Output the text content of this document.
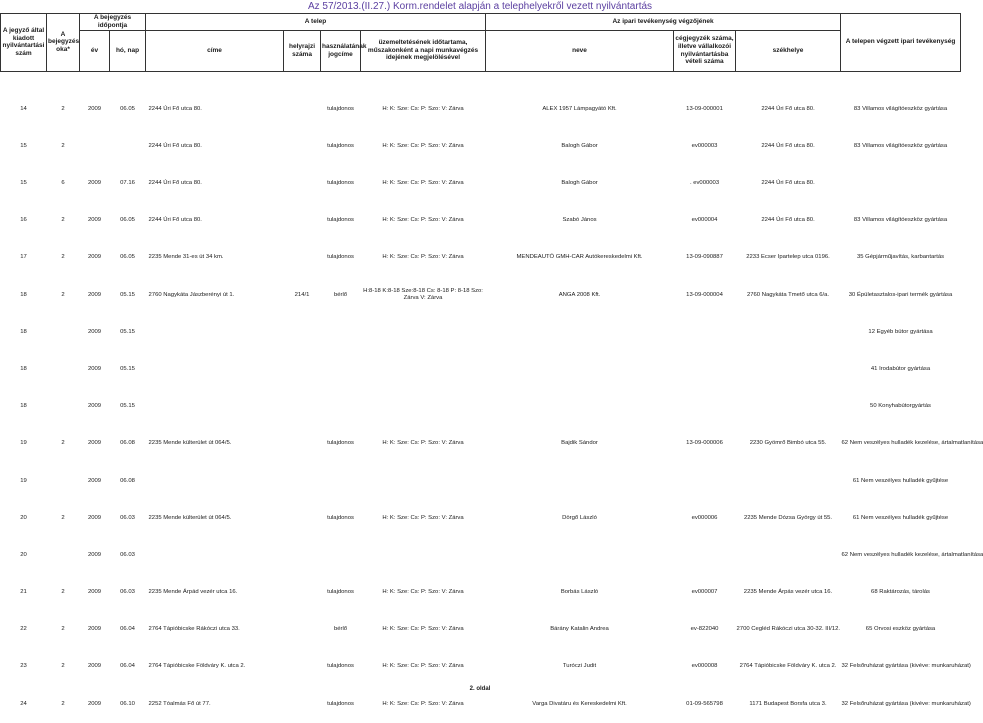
Az 57/2013.(II.27.) Korm.rendelet alapján a telephelyekről vezett nyilvántartás
A jegyző által kiadott nyilvántartási szám	A bejegyzés oka*	A bejegyzés időpontja		A telep				Az ipari tevékenység végzőjének			A telepen végzett ipari tevékenység
		év	hó, nap	címe	helyrajzi száma	használatának jogcíme	üzemeltetésének időtartama, műszakonként a napi munkavégzés idejének megjelölésével	neve	cégjegyzék száma, illetve vállalkozói nyilvántartásba vételi száma	székhelye	

14	2	2009	06.05	2244 Úri Fő utca 80.		tulajdonos	H: K: Sze: Cs: P: Szo: V: Zárva	ALEX 1957 Lámpagyátó Kft.	13-09-000001	2244 Úri Fő utca 80.	83 Villamos világítóeszköz gyártása
15	2			2244 Úri Fő utca 80.		tulajdonos	H: K: Sze: Cs: P: Szo: V: Zárva	Balogh Gábor	ev000003	2244 Úri Fő utca 80.	83 Villamos világítóeszköz gyártása
15	6	2009	07.16	2244 Úri Fő utca 80.		tulajdonos	H: K: Sze: Cs: P: Szo: V: Zárva	Balogh Gábor	. ev000003	2244 Úri Fő utca 80.	
16	2	2009	06.05	2244 Úri Fő utca 80.		tulajdonos	H: K: Sze: Cs: P: Szo: V: Zárva	Szabó János	ev000004	2244 Úri Fő utca 80.	83 Villamos világítóeszköz gyártása
17	2	2009	06.05	2235 Mende 31-es út 34 km.		tulajdonos	H: K: Sze: Cs: P: Szo: V: Zárva	MENDEAUTÓ GMH-CAR Autókereskedelmi Kft.	13-09-090887	2233 Ecser Ipartelep utca 0196.	35 Gépjárműjavítás, karbantartás
18	2	2009	05.15	2760 Nagykáta Jászberényi út 1.	214/1	bérlő	H:8-18 K:8-18 Sze:8-18 Cs: 8-18 P: 8-18 Szo: Zárva V: Zárva	ANGA 2008 Kft.	13-09-000004	2760 Nagykáta Tmető utca 6/a.	30 Épületasztalos-ipari termék gyártása
18		2009	05.15								12 Egyéb bútor gyártása
18		2009	05.15								41 Irodabútor gyártása
18		2009	05.15								50 Konyhabútorgyártás
19	2	2009	06.08	2235 Mende külterület út 064/5.		tulajdonos	H: K: Sze: Cs: P: Szo: V: Zárva	Bajdik Sándor	13-09-000006	2230 Gyömrő Bimbó utca 55.	62 Nem veszélyes hulladék kezelése, ártalmatlanítása
19		2009	06.08								61 Nem veszélyes hulladék gyűjtése
20	2	2009	06.03	2235 Mende külterület út 064/5.		tulajdonos	H: K: Sze: Cs: P: Szo: V: Zárva	Dörgő László	ev000006	2235 Mende Dózsa György út 55.	61 Nem veszélyes hulladék gyűjtése
20		2009	06.03								62 Nem veszélyes hulladék kezelése, ártalmatlanítása
21	2	2009	06.03	2235 Mende Árpád vezér utca 16.		tulajdonos	H: K: Sze: Cs: P: Szo: V: Zárva	Borbás László	ev000007	2235 Mende Árpás vezér utca 16.	68 Raktározás, tárolás
22	2	2009	06.04	2764 Tápióbicske Rákóczi utca 33.		bérlő	H: K: Sze: Cs: P: Szo: V: Zárva	Bárány Katalin Andrea	ev-822040	2700 Cegléd Rákóczi utca 30-32. III/12.	65 Orvosi eszköz gyártása
23	2	2009	06.04	2764 Tápióbicske Földváry K. utca 2.		tulajdonos	H: K: Sze: Cs: P: Szo: V: Zárva	Turóczi Judit	ev000008	2764 Tápióbicske Földváry K. utca 2.	32 Felsőruházat gyártása (kivéve: munkaruházat)
24	2	2009	06.10	2252 Tóalmás Fő út 77.		tulajdonos	H: K: Sze: Cs: P: Szo: V: Zárva	Varga Divatáru és Kereskedelmi Kft.	01-09-565798	1171 Budapest Borsfa utca 3.	32 Felsőruházat gyártása (kivéve: munkaruházat)
2. oldal
